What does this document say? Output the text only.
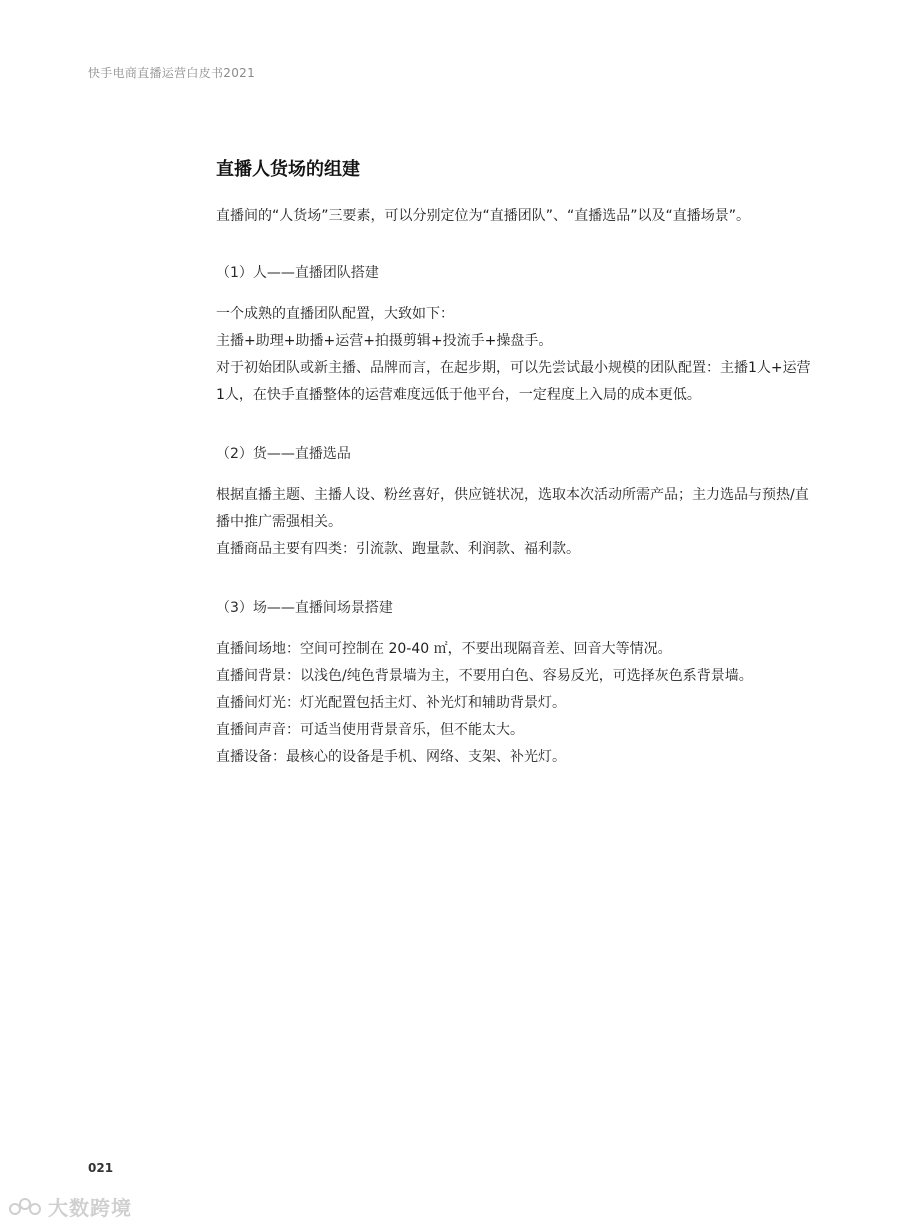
快手电商直播运营白皮书2021
直播人货场的组建

直播间的“人货场”三要素，可以分别定位为“直播团队”、“直播选品”以及“直播场景”。

（1）人——直播团队搭建

一个成熟的直播团队配置，大致如下：

主播+助理+助播+运营+拍摄剪辑+投流手+操盘手。

对于初始团队或新主播、品牌而言，在起步期，可以先尝试最小规模的团队配置：主播1人+运营1人，在快手直播整体的运营难度远低于他平台，一定程度上入局的成本更低。

（2）货——直播选品

根据直播主题、主播人设、粉丝喜好，供应链状况，选取本次活动所需产品；主力选品与预热/直播中推广需强相关。

直播商品主要有四类：引流款、跑量款、利润款、福利款。

（3）场——直播间场景搭建

直播间场地：空间可控制在 20-40 ㎡，不要出现隔音差、回音大等情况。

直播间背景：以浅色/纯色背景墙为主，不要用白色、容易反光，可选择灰色系背景墙。

直播间灯光：灯光配置包括主灯、补光灯和辅助背景灯。

直播间声音：可适当使用背景音乐，但不能太大。

直播设备：最核心的设备是手机、网络、支架、补光灯。

021
大数跨境
